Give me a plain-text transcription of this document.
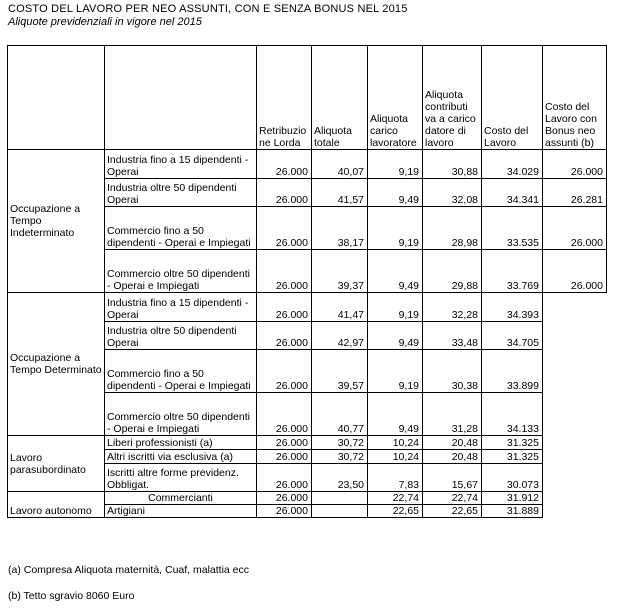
COSTO DEL LAVORO PER NEO ASSUNTI, CON E SENZA BONUS NEL 2015
Aliquote previdenziali in vigore nel 2015
		Retribuzione Lorda	Aliquota totale	Aliquota carico lavoratore	Aliquota contributi va a carico datore di lavoro	Costo del Lavoro	Costo del Lavoro con Bonus neo assunti (b)
Occupazione a Tempo Indeterminato	Industria fino a 15 dipendenti - Operai	26.000	40,07	9,19	30,88	34.029	26.000
	Industria oltre 50 dipendenti Operai	26.000	41,57	9,49	32,08	34.341	26.281
	Commercio fino a 50 dipendenti - Operai e Impiegati	26.000	38,17	9,19	28,98	33.535	26.000
	Commercio oltre 50 dipendenti - Operai e Impiegati	26.000	39,37	9,49	29,88	33.769	26.000
Occupazione a Tempo Determinato	Industria fino a 15 dipendenti - Operai	26.000	41,47	9,19	32,28	34.393	
	Industria oltre 50 dipendenti Operai	26.000	42,97	9,49	33,48	34.705	
	Commercio fino a 50 dipendenti - Operai e Impiegati	26.000	39,57	9,19	30,38	33.899	
	Commercio oltre 50 dipendenti - Operai e Impiegati	26.000	40,77	9,49	31,28	34.133	
Lavoro parasubordinato	Liberi professionisti (a)	26.000	30,72	10,24	20,48	31.325	
	Altri iscritti via esclusiva (a)	26.000	30,72	10,24	20,48	31.325	
	Iscritti altre forme previdenz. Obbligat.	26.000	23,50	7,83	15,67	30.073	
Lavoro autonomo	Commercianti	26.000		22,74	22,74	31.912	
	Artigiani	26.000		22,65	22,65	31.889	
(a) Compresa Aliquota maternità, Cuaf, malattia ecc
(b) Tetto sgravio 8060 Euro
